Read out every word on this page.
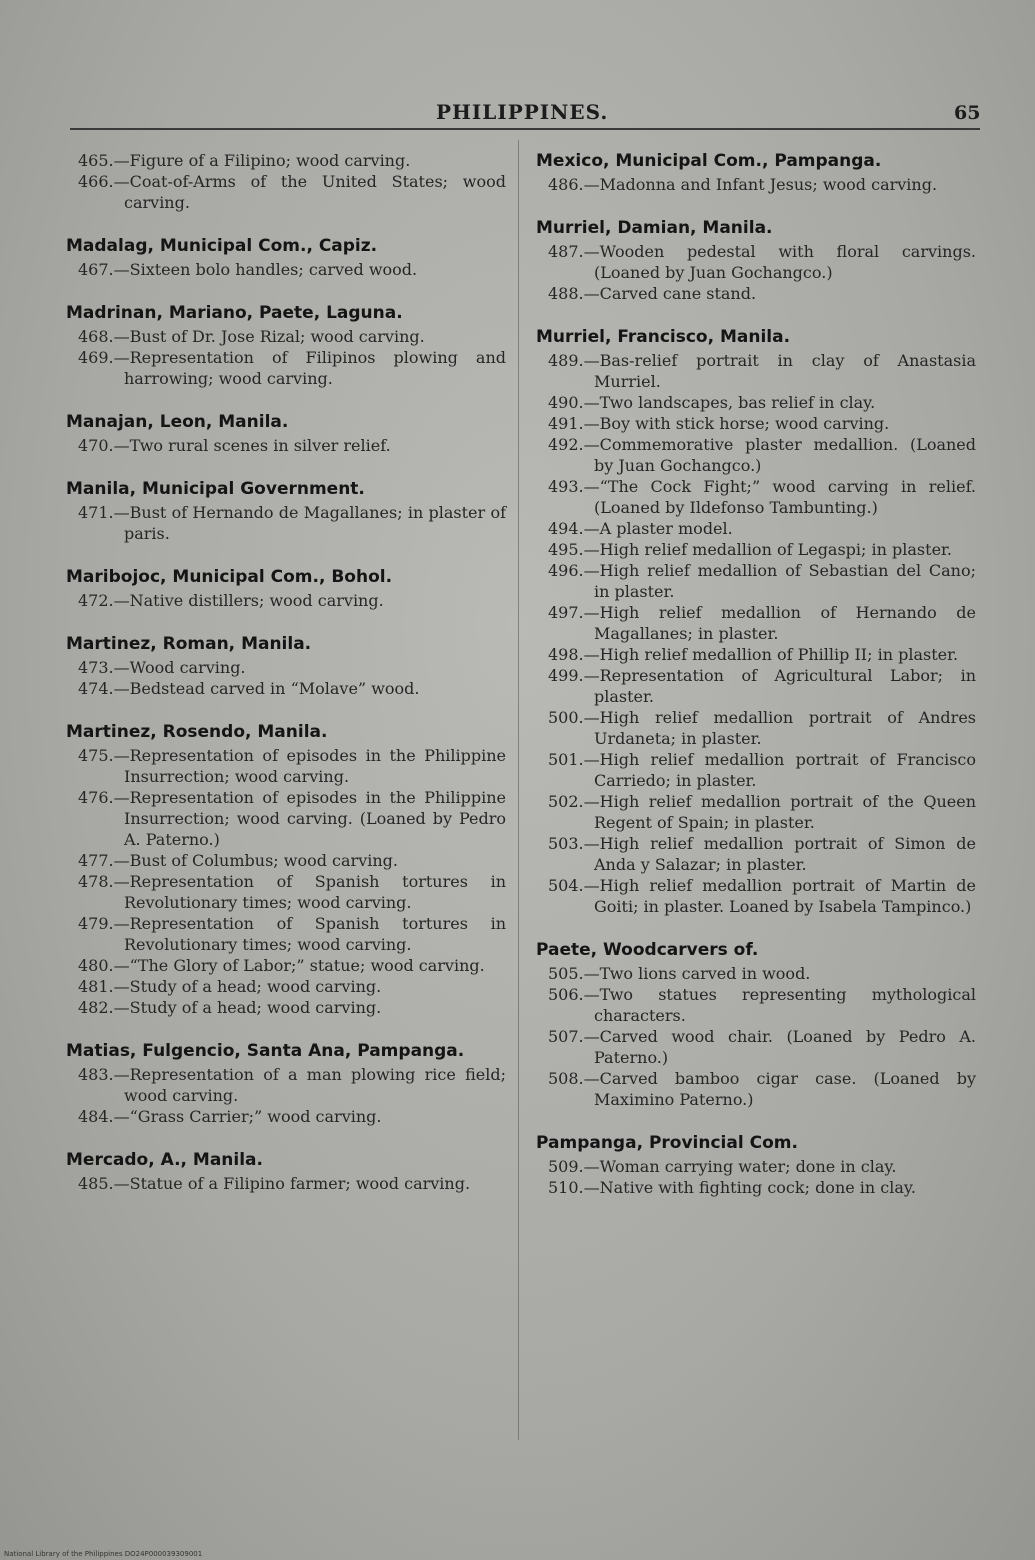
PHILIPPINES.	65
465.—Figure of a Filipino; wood carving.
466.—Coat-of-Arms of the United States; wood carving.
Madalag, Municipal Com., Capiz.
467.—Sixteen bolo handles; carved wood.
Madrinan, Mariano, Paete, Laguna.
468.—Bust of Dr. Jose Rizal; wood carving.
469.—Representation of Filipinos plowing and harrowing; wood carving.
Manajan, Leon, Manila.
470.—Two rural scenes in silver relief.
Manila, Municipal Government.
471.—Bust of Hernando de Magallanes; in plaster of paris.
Maribojoc, Municipal Com., Bohol.
472.—Native distillers; wood carving.
Martinez, Roman, Manila.
473.—Wood carving.
474.—Bedstead carved in “Molave” wood.
Martinez, Rosendo, Manila.
475.—Representation of episodes in the Philippine Insurrection; wood carving.
476.—Representation of episodes in the Philippine Insurrection; wood carving. (Loaned by Pedro A. Paterno.)
477.—Bust of Columbus; wood carving.
478.—Representation of Spanish tortures in Revolutionary times; wood carving.
479.—Representation of Spanish tortures in Revolutionary times; wood carving.
480.—“The Glory of Labor;” statue; wood carving.
481.—Study of a head; wood carving.
482.—Study of a head; wood carving.
Matias, Fulgencio, Santa Ana, Pampanga.
483.—Representation of a man plowing rice field; wood carving.
484.—“Grass Carrier;” wood carving.
Mercado, A., Manila.
485.—Statue of a Filipino farmer; wood carving.
Mexico, Municipal Com., Pampanga.
486.—Madonna and Infant Jesus; wood carving.
Murriel, Damian, Manila.
487.—Wooden pedestal with floral carvings. (Loaned by Juan Gochangco.)
488.—Carved cane stand.
Murriel, Francisco, Manila.
489.—Bas-relief portrait in clay of Anastasia Murriel.
490.—Two landscapes, bas relief in clay.
491.—Boy with stick horse; wood carving.
492.—Commemorative plaster medallion. (Loaned by Juan Gochangco.)
493.—“The Cock Fight;” wood carving in relief. (Loaned by Ildefonso Tambunting.)
494.—A plaster model.
495.—High relief medallion of Legaspi; in plaster.
496.—High relief medallion of Sebastian del Cano; in plaster.
497.—High relief medallion of Hernando de Magallanes; in plaster.
498.—High relief medallion of Phillip II; in plaster.
499.—Representation of Agricultural Labor; in plaster.
500.—High relief medallion portrait of Andres Urdaneta; in plaster.
501.—High relief medallion portrait of Francisco Carriedo; in plaster.
502.—High relief medallion portrait of the Queen Regent of Spain; in plaster.
503.—High relief medallion portrait of Simon de Anda y Salazar; in plaster.
504.—High relief medallion portrait of Martin de Goiti; in plaster. Loaned by Isabela Tampinco.)
Paete, Woodcarvers of.
505.—Two lions carved in wood.
506.—Two statues representing mythological characters.
507.—Carved wood chair. (Loaned by Pedro A. Paterno.)
508.—Carved bamboo cigar case. (Loaned by Maximino Paterno.)
Pampanga, Provincial Com.
509.—Woman carrying water; done in clay.
510.—Native with fighting cock; done in clay.
National Library of the Philippines DO24P000039309001
